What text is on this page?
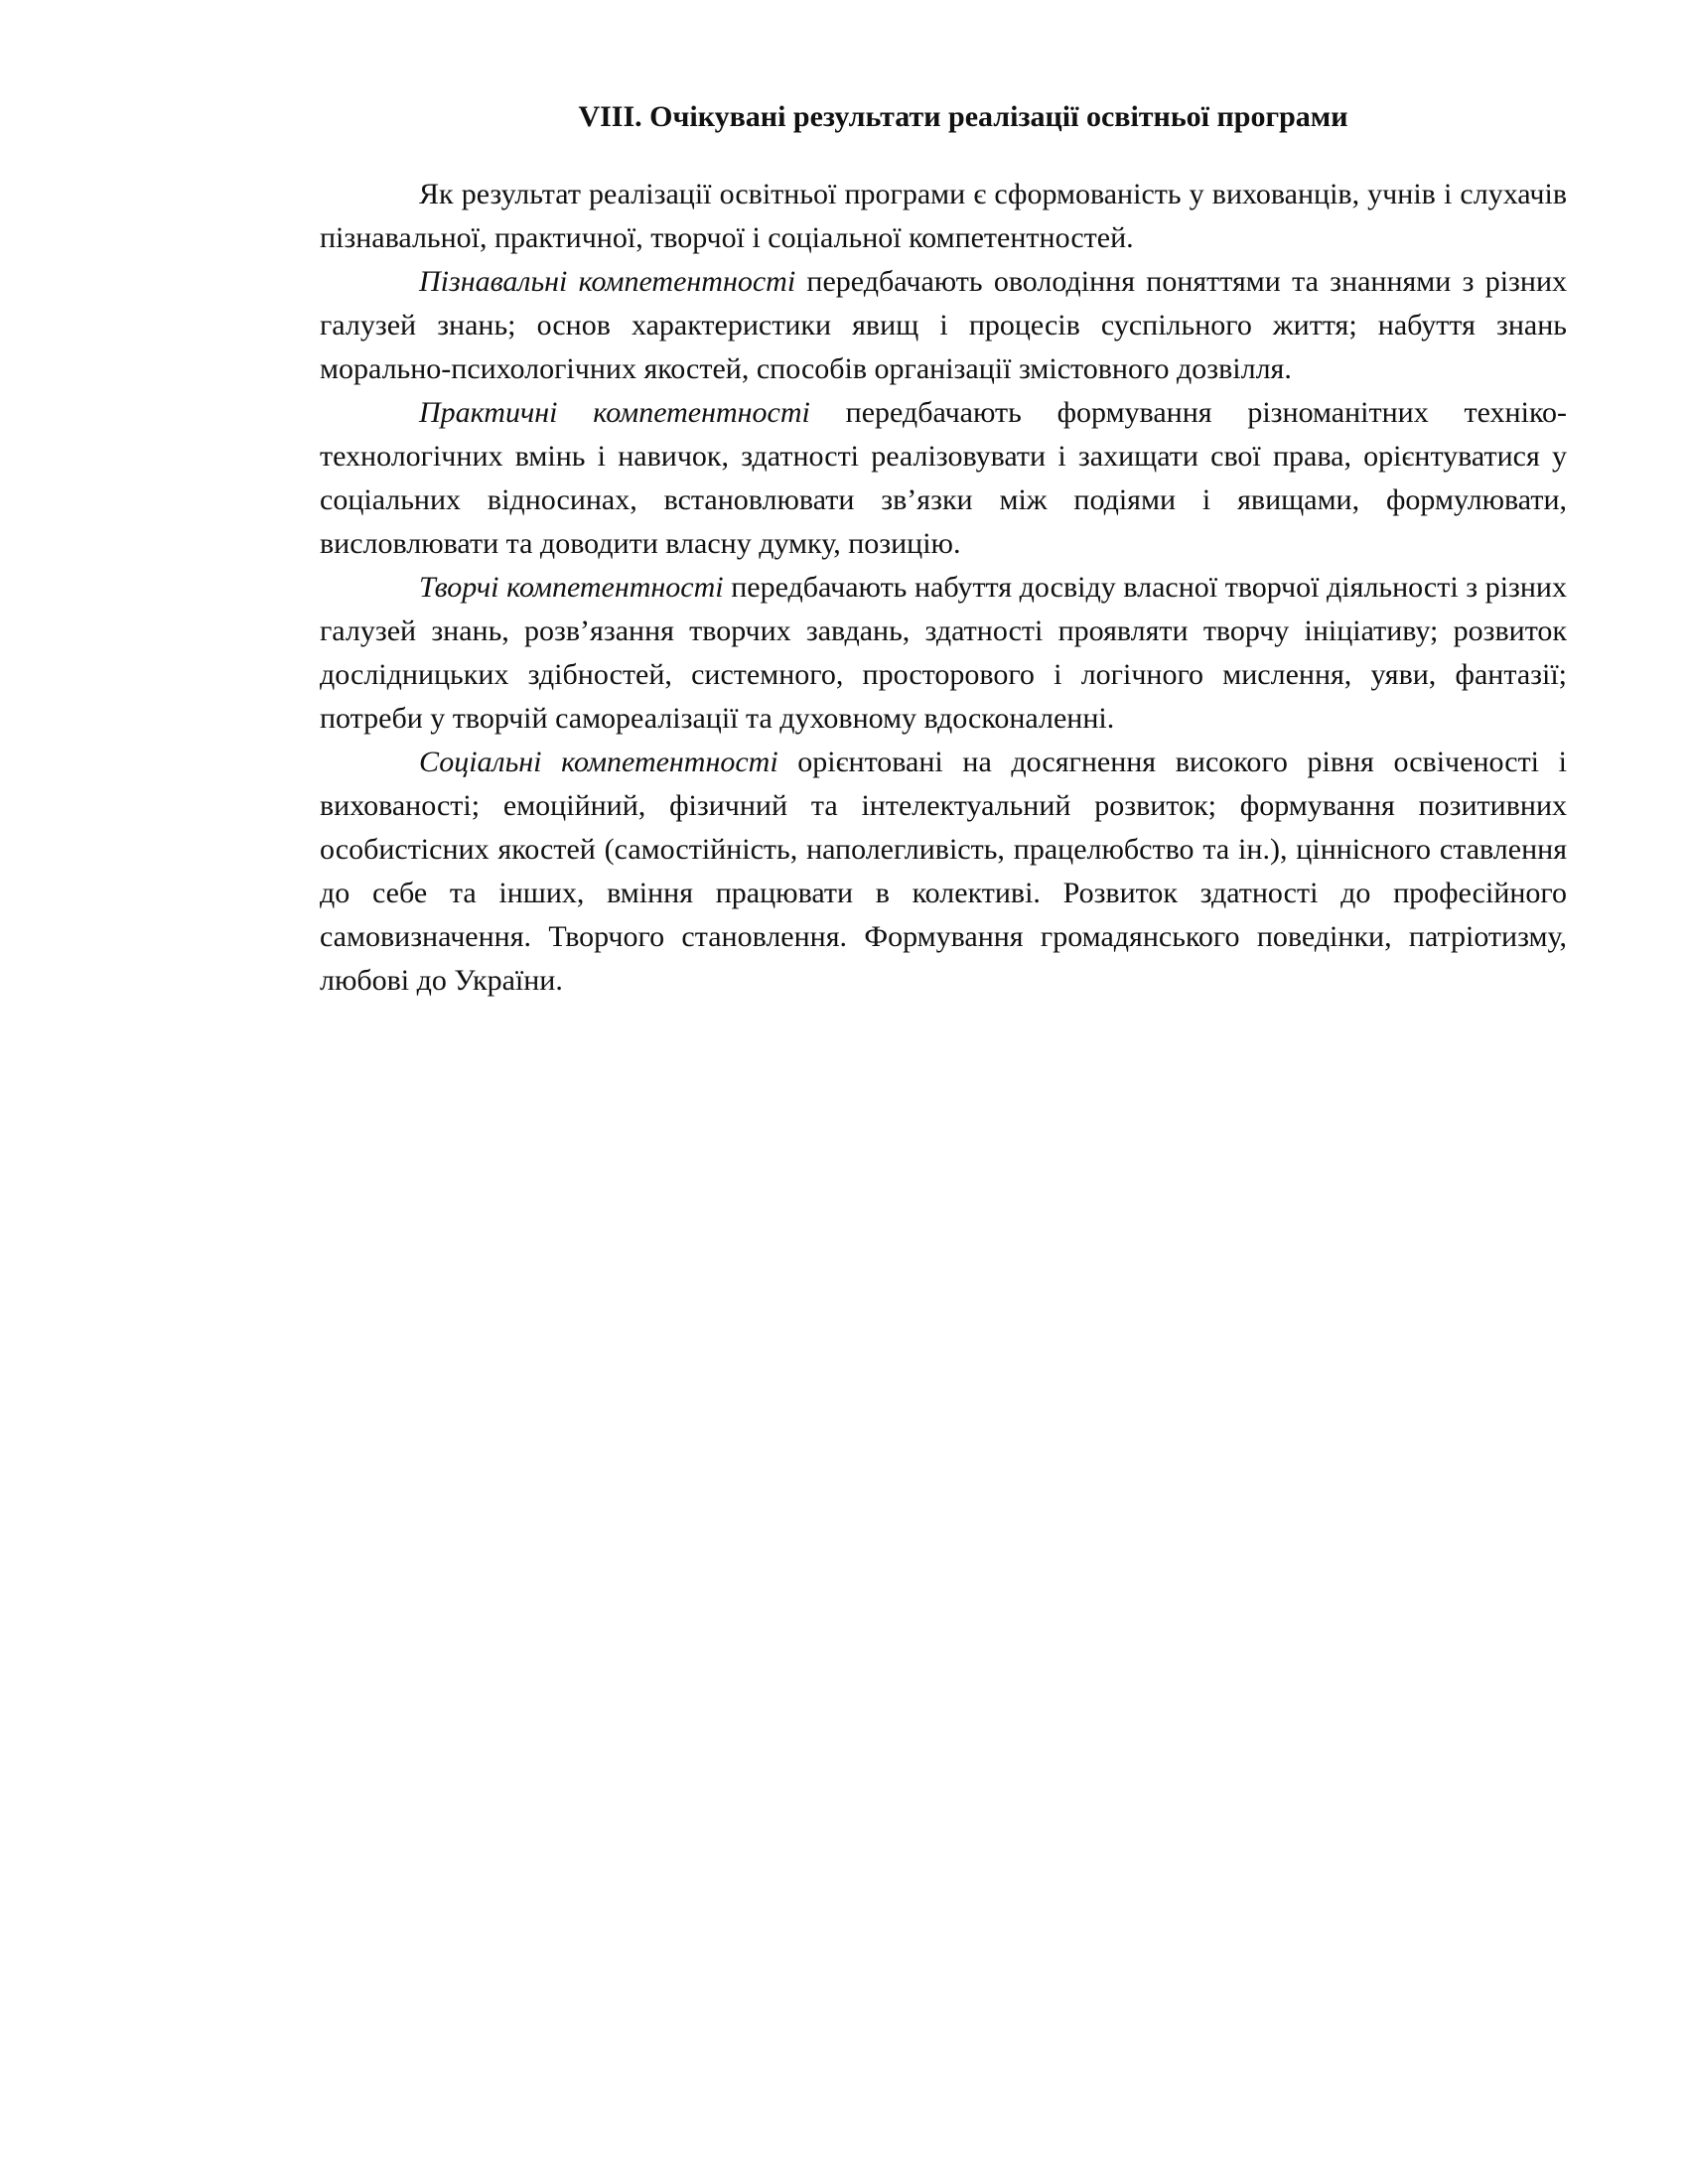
VIII. Очікувані результати реалізації освітньої програми

Як результат реалізації освітньої програми є сформованість у вихованців, учнів і слухачів пізнавальної, практичної, творчої і соціальної компетентностей.

Пізнавальні компетентності передбачають оволодіння поняттями та знаннями з різних галузей знань; основ характеристики явищ і процесів суспільного життя; набуття знань морально-психологічних якостей, способів організації змістовного дозвілля.

Практичні компетентності передбачають формування різноманітних техніко-технологічних вмінь і навичок, здатності реалізовувати і захищати свої права, орієнтуватися у соціальних відносинах, встановлювати зв’язки між подіями і явищами, формулювати, висловлювати та доводити власну думку, позицію.

Творчі компетентності передбачають набуття досвіду власної творчої діяльності з різних галузей знань, розв’язання творчих завдань, здатності проявляти творчу ініціативу; розвиток дослідницьких здібностей, системного, просторового і логічного мислення, уяви, фантазії; потреби у творчій самореалізації та духовному вдосконаленні.

Соціальні компетентності орієнтовані на досягнення високого рівня освіченості і вихованості; емоційний, фізичний та інтелектуальний розвиток; формування позитивних особистісних якостей (самостійність, наполегливість, працелюбство та ін.), ціннісного ставлення до себе та інших, вміння працювати в колективі. Розвиток здатності до професійного самовизначення. Творчого становлення. Формування громадянського поведінки, патріотизму, любові до України.
